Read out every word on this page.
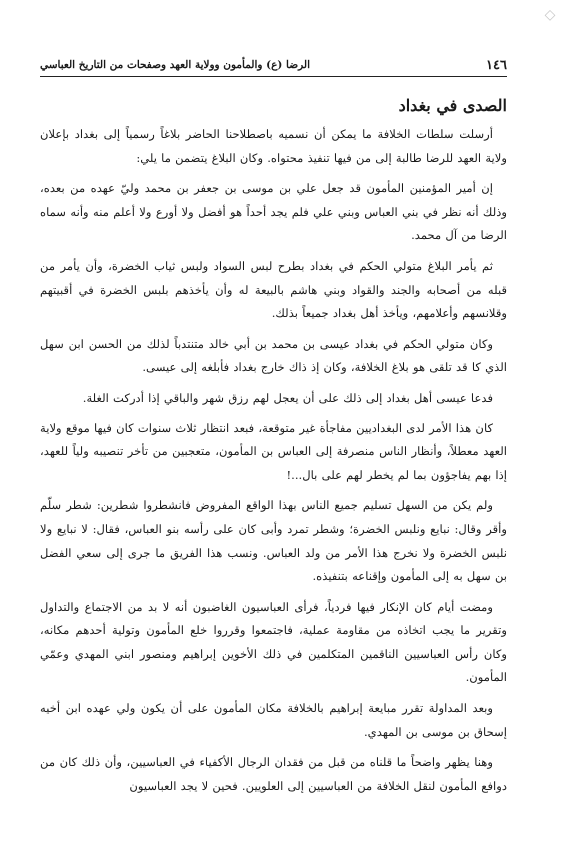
◇
١٤٦
الرضا (ع) والمأمون وولاية العهد وصفحات من التاريخ العباسي
الصدى في بغداد

أرسلت سلطات الخلافة ما يمكن أن نسميه باصطلاحنا الحاضر بلاغاً رسمياً إلى بغداد بإعلان ولاية العهد للرضا طالبة إلى من فيها تنفيذ محتواه. وكان البلاغ يتضمن ما يلي:

إن أمير المؤمنين المأمون قد جعل علي بن موسى بن جعفر بن محمد وليّ عهده من بعده، وذلك أنه نظر في بني العباس وبني علي فلم يجد أحداً هو أفضل ولا أورع ولا أعلم منه وأنه سماه الرضا من آل محمد.

ثم يأمر البلاغ متولي الحكم في بغداد بطرح لبس السواد ولبس ثياب الخضرة، وأن يأمر من قبله من أصحابه والجند والقواد وبني هاشم بالبيعة له وأن يأخذهم بلبس الخضرة في أقبيتهم وقلانسهم وأعلامهم، ويأخذ أهل بغداد جميعاً بذلك.

وكان متولي الحكم في بغداد عيسى بن محمد بن أبي خالد متنتدباً لذلك من الحسن ابن سهل الذي كا قد تلقى هو بلاغ الخلافة، وكان إذ ذاك خارج بغداد فأبلغه إلى عيسى.

فدعا عيسى أهل بغداد إلى ذلك على أن يعجل لهم رزق شهر والباقي إذا أدركت الغلة.

كان هذا الأمر لدى البغداديين مفاجأة غير متوقعة، فبعد انتظار ثلاث سنوات كان فيها موقع ولاية العهد معطلاً، وأنظار الناس منصرفة إلى العباس بن المأمون، متعجبين من تأخر تنصيبه ولياً للعهد، إذا بهم يفاجؤون بما لم يخطر لهم على بال...!

ولم يكن من السهل تسليم جميع الناس بهذا الواقع المفروض فانشطروا شطرين: شطر سلّم وأقر وقال: نبايع ونلبس الخضرة؛ وشطر تمرد وأبى كان على رأسه بنو العباس، فقال: لا نبايع ولا نلبس الخضرة ولا نخرج هذا الأمر من ولد العباس. ونسب هذا الفريق ما جرى إلى سعي الفضل بن سهل به إلى المأمون وإقناعه بتنفيذه.

ومضت أيام كان الإنكار فيها فردياً، فرأى العباسيون الغاضبون أنه لا بد من الاجتماع والتداول وتقرير ما يجب اتخاذه من مقاومة عملية، فاجتمعوا وقرروا خلع المأمون وتولية أحدهم مكانه، وكان رأس العباسيين الناقمين المتكلمين في ذلك الأخوين إبراهيم ومنصور ابني المهدي وعمّي المأمون.

وبعد المداولة تقرر مبايعة إبراهيم بالخلافة مكان المأمون على أن يكون ولي عهده ابن أخيه إسحاق بن موسى بن المهدي.

وهنا يظهر واضحاً ما قلناه من قبل من فقدان الرجال الأكفياء في العباسيين، وأن ذلك كان من دوافع المأمون لنقل الخلافة من العباسيين إلى العلويين. فحين لا يجد العباسيون
